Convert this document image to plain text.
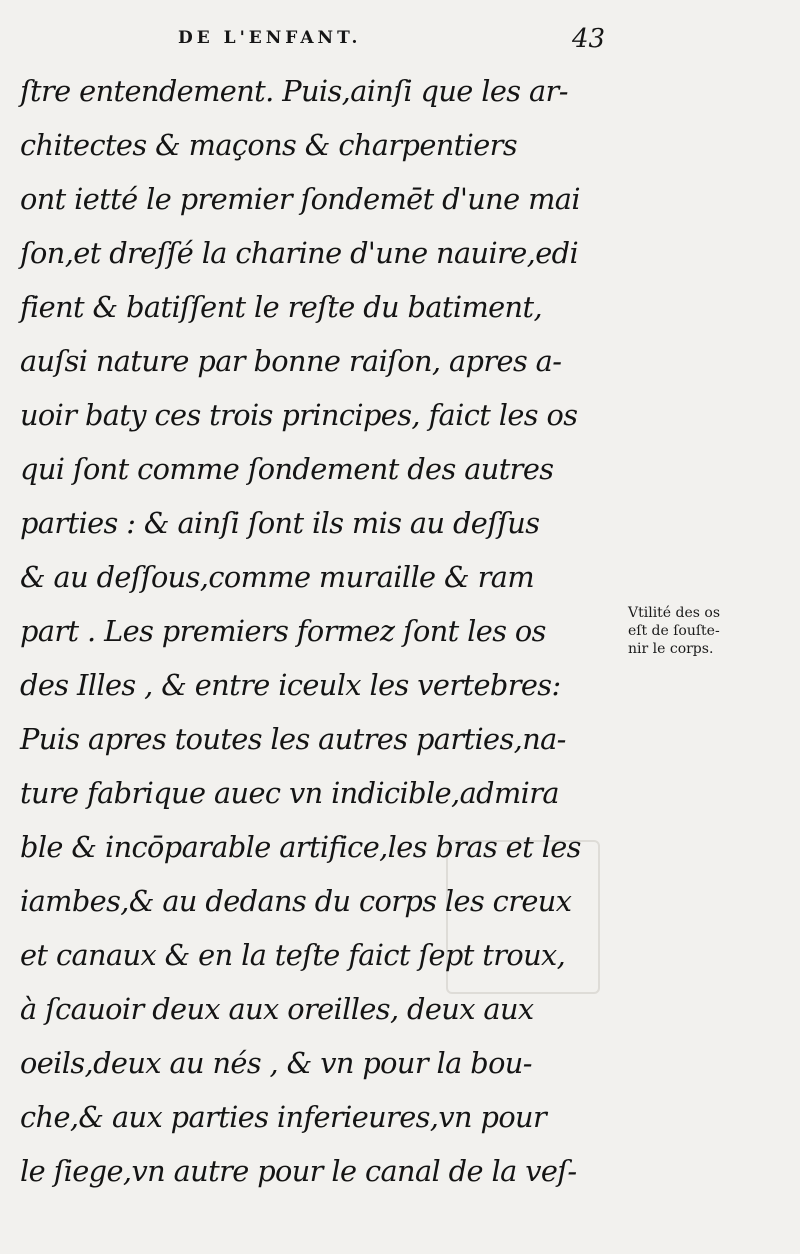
DE L'ENFANT.	43
ſtre entendement. Puis,ainſi que les ar-
chitectes & maçons & charpentiers
ont ietté le premier ſondemēt d'une mai
ſon,et dreſſé la charine d'une nauire,edi
fient & batiſſent le reſte du batiment,
auſsi nature par bonne raiſon, apres a-
uoir baty ces trois principes, faict les os
qui ſont comme ſondement des autres
parties : & ainſi ſont ils mis au deſſus
& au deſſous,comme muraille & ram
part . Les premiers formez ſont les os
des Illes , & entre iceulx les vertebres:
Puis apres toutes les autres parties,na-
ture fabrique auec vn indicible,admira
ble & incōparable artifice,les bras et les
iambes,& au dedans du corps les creux
et canaux & en la teſte faict ſept troux,
à ſcauoir deux aux oreilles, deux aux
oeils,deux au nés , & vn pour la bou-
che,& aux parties inferieures,vn pour
le ſiege,vn autre pour le canal de la veſ-
Vtilité des os
eſt de ſouſte-
nir le corps.
